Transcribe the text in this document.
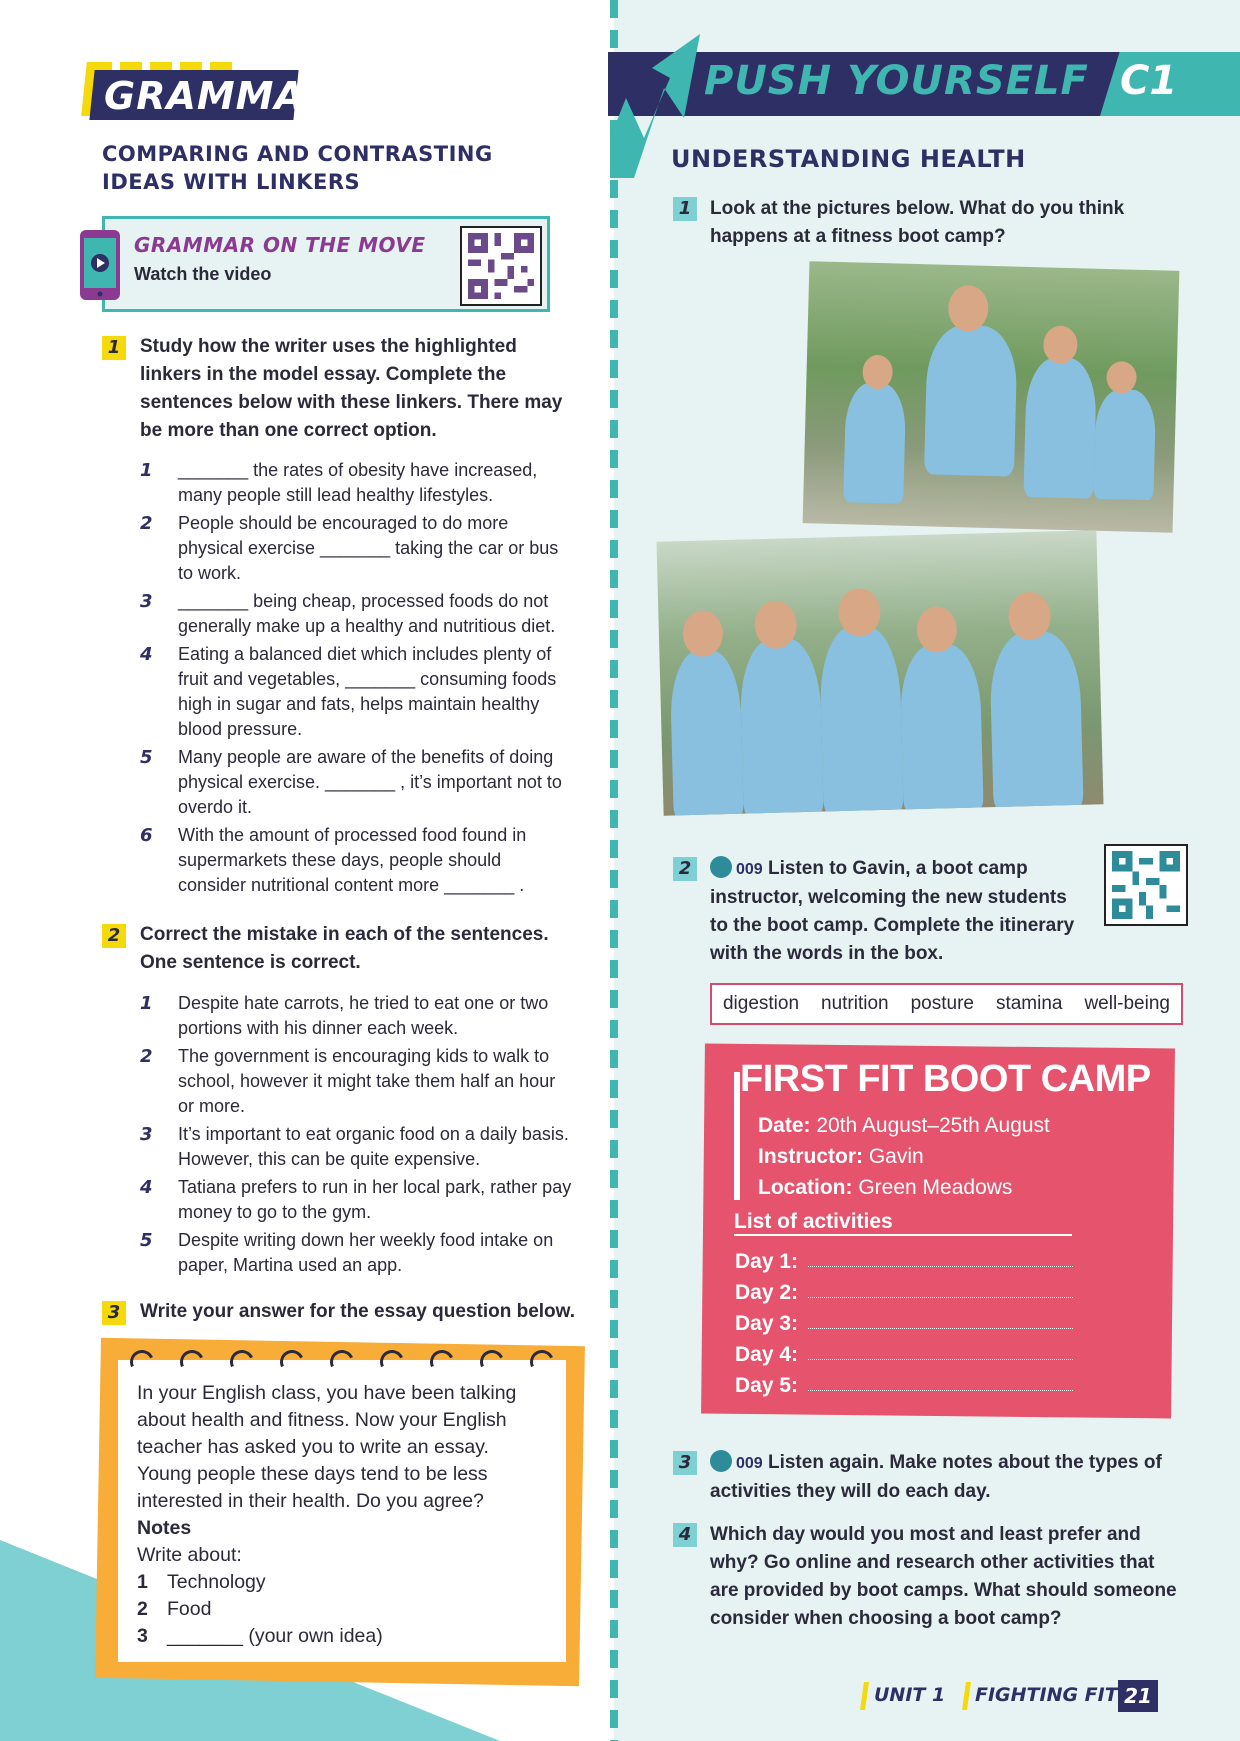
GRAMMAR
COMPARING AND CONTRASTING IDEAS WITH LINKERS
GRAMMAR ON THE MOVE
Watch the video
1	Study how the writer uses the highlighted linkers in the model essay. Complete the sentences below with these linkers. There may be more than one correct option.
1 _______ the rates of obesity have increased, many people still lead healthy lifestyles.
2 People should be encouraged to do more physical exercise _______ taking the car or bus to work.
3 _______ being cheap, processed foods do not generally make up a healthy and nutritious diet.
4 Eating a balanced diet which includes plenty of fruit and vegetables, _______ consuming foods high in sugar and fats, helps maintain healthy blood pressure.
5 Many people are aware of the benefits of doing physical exercise. _______ , it’s important not to overdo it.
6 With the amount of processed food found in supermarkets these days, people should consider nutritional content more _______ .
2	Correct the mistake in each of the sentences. One sentence is correct.
1 Despite hate carrots, he tried to eat one or two portions with his dinner each week.
2 The government is encouraging kids to walk to school, however it might take them half an hour or more.
3 It’s important to eat organic food on a daily basis. However, this can be quite expensive.
4 Tatiana prefers to run in her local park, rather pay money to go to the gym.
5 Despite writing down her weekly food intake on paper, Martina used an app.
3	Write your answer for the essay question below.
In your English class, you have been talking about health and fitness. Now your English teacher has asked you to write an essay.
Young people these days tend to be less interested in their health. Do you agree?
Notes
Write about:
1 Technology
2 Food
3 _______ (your own idea)
PUSH YOURSELF C1
UNDERSTANDING HEALTH
1 Look at the pictures below. What do you think happens at a fitness boot camp?
2	009 Listen to Gavin, a boot camp instructor, welcoming the new students to the boot camp. Complete the itinerary with the words in the box.
digestion nutrition posture stamina well-being
FIRST FIT BOOT CAMP
Date: 20th August–25th August
Instructor: Gavin
Location: Green Meadows
List of activities
Day 1:
Day 2:
Day 3:
Day 4:
Day 5:
3	009 Listen again. Make notes about the types of activities they will do each day.
4 Which day would you most and least prefer and why? Go online and research other activities that are provided by boot camps. What should someone consider when choosing a boot camp?
UNIT 1 FIGHTING FIT 21
